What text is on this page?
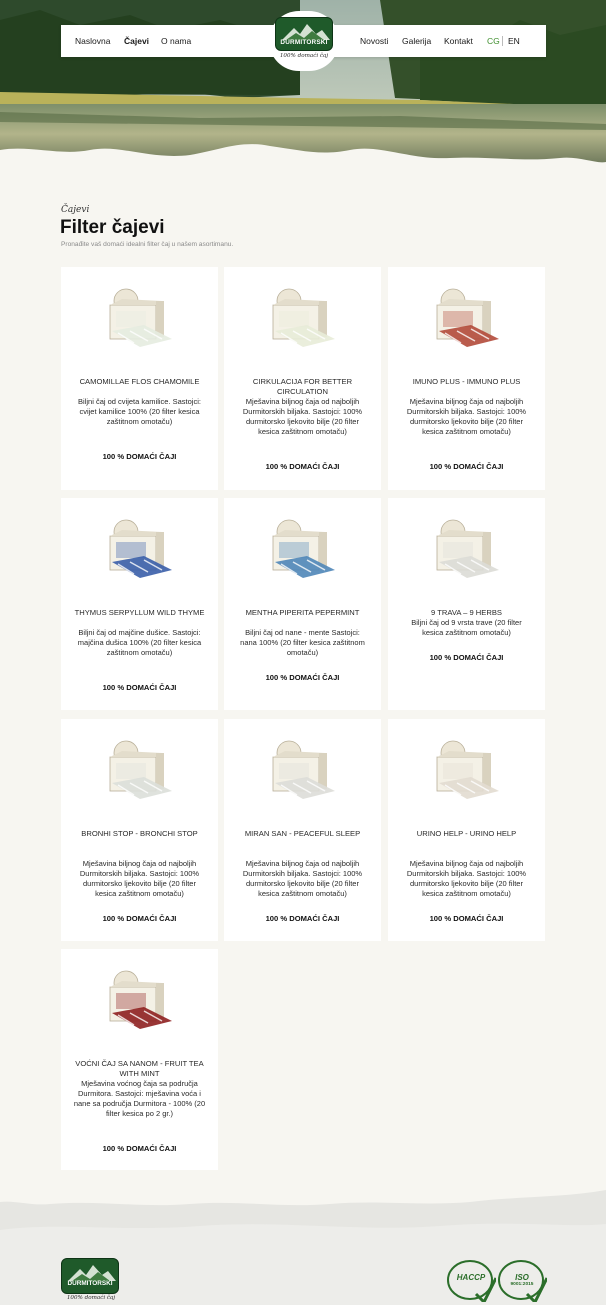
Naslovna Čajevi O nama	Novosti Galerija Kontakt CG EN
DURMITORSKI
100% domaći čaj
Čajevi
Filter čajevi
Pronađite vaš domaći idealni filter čaj u našem asortimanu.
CAMOMILLAE FLOS CHAMOMILE
Biljni čaj od cvijeta kamilice. Sastojci: cvijet kamilice 100% (20 filter kesica zaštitnom omotaču)
100 % DOMAĆI ČAJI
CIRKULACIJA FOR BETTER CIRCULATION
Mješavina biljnog čaja od najboljih Durmitorskih biljaka. Sastojci: 100% durmitorsko ljekovito bilje (20 filter kesica zaštitnom omotaču)
100 % DOMAĆI ČAJI
IMUNO PLUS - IMMUNO PLUS
Mješavina biljnog čaja od najboljih Durmitorskih biljaka. Sastojci: 100% durmitorsko ljekovito bilje (20 filter kesica zaštitnom omotaču)
100 % DOMAĆI ČAJI
THYMUS SERPYLLUM WILD THYME
Biljni čaj od majčine dušice. Sastojci: majčina dušica 100% (20 filter kesica zaštitnom omotaču)
100 % DOMAĆI ČAJI
MENTHA PIPERITA PEPERMINT
Biljni čaj od nane - mente Sastojci: nana 100% (20 filter kesica zaštitnom omotaču)
100 % DOMAĆI ČAJI
9 TRAVA – 9 HERBS
Biljni čaj od 9 vrsta trave (20 filter kesica zaštitnom omotaču)
100 % DOMAĆI ČAJI
BRONHI STOP - BRONCHI STOP
Mješavina biljnog čaja od najboljih Durmitorskih biljaka. Sastojci: 100% durmitorsko ljekovito bilje (20 filter kesica zaštitnom omotaču)
100 % DOMAĆI ČAJI
MIRAN SAN - PEACEFUL SLEEP
Mješavina biljnog čaja od najboljih Durmitorskih biljaka. Sastojci: 100% durmitorsko ljekovito bilje (20 filter kesica zaštitnom omotaču)
100 % DOMAĆI ČAJI
URINO HELP - URINO HELP
Mješavina biljnog čaja od najboljih Durmitorskih biljaka. Sastojci: 100% durmitorsko ljekovito bilje (20 filter kesica zaštitnom omotaču)
100 % DOMAĆI ČAJI
VOĆNI ČAJ SA NANOM - FRUIT TEA WITH MINT
Mješavina voćnog čaja sa područja Durmitora. Sastojci: mješavina voća i nane sa područja Durmitora - 100% (20 filter kesica po 2 gr.)
100 % DOMAĆI ČAJI
DURMITORSKI
100% domaći čaj
HACCP	ISO
9001:2015
